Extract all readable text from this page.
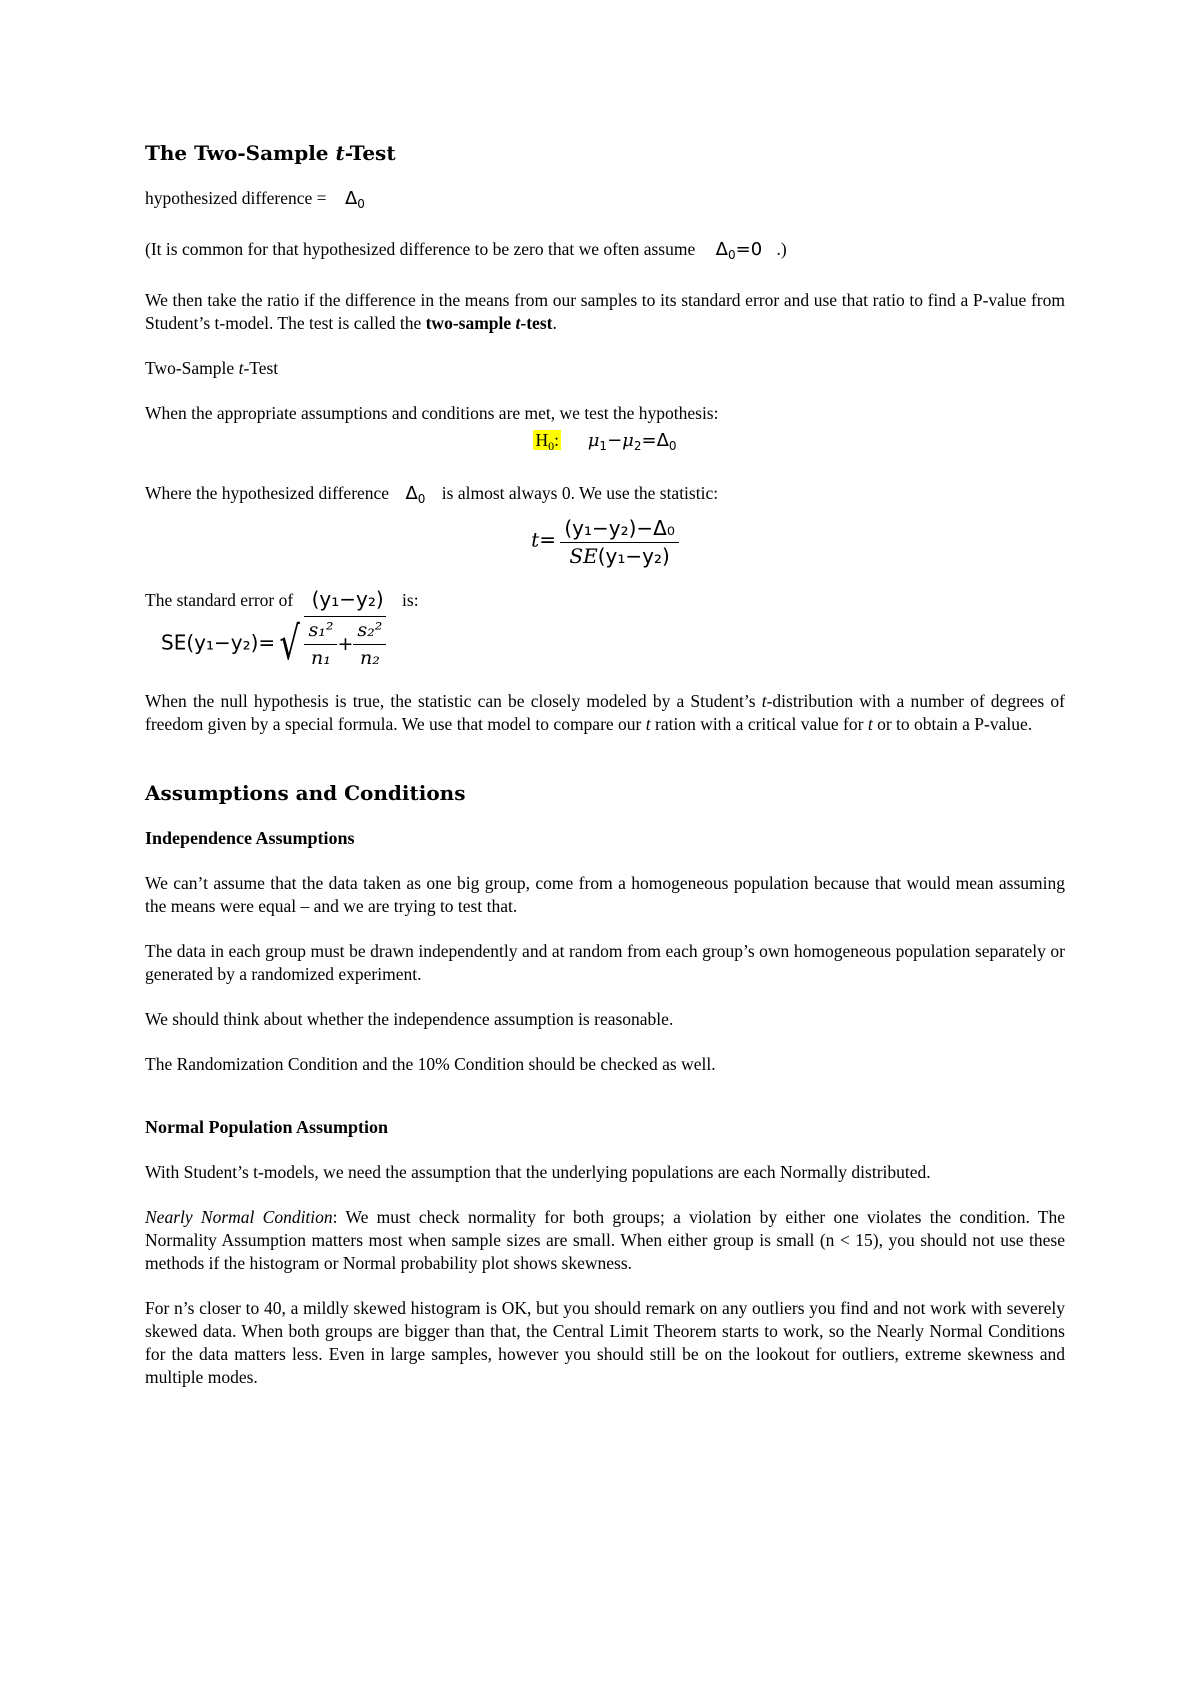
The Two-Sample t-Test

hypothesized difference = $\Delta_0$

(It is common for that hypothesized difference to be zero that we often assume $\Delta_0=0$ .)

We then take the ratio if the difference in the means from our samples to its standard error and use that ratio to find a P-value from Student’s t-model. The test is called the two-sample t-test.

Two-Sample t-Test

When the appropriate assumptions and conditions are met, we test the hypothesis:
$H_0$: $\mu_1-\mu_2=\Delta_0$
Where the hypothesized difference $\Delta_0$ is almost always 0. We use the statistic:
$t= \frac{\text{(y₁−y₂)−Δ₀}}{\text{SE(y₁−y₂)}}$
The standard error of (y₁−y₂) is:
SE(y₁−y₂)= √ $\frac{\text{s₁²}}{\text{n₁}} + \frac{\text{s₂²}}{\text{n₂}}$

When the null hypothesis is true, the statistic can be closely modeled by a Student’s t-distribution with a number of degrees of freedom given by a special formula. We use that model to compare our t ration with a critical value for t or to obtain a P-value.

Assumptions and Conditions
Independence Assumptions

We can’t assume that the data taken as one big group, come from a homogeneous population because that would mean assuming the means were equal – and we are trying to test that.

The data in each group must be drawn independently and at random from each group’s own homogeneous population separately or generated by a randomized experiment.

We should think about whether the independence assumption is reasonable.

The Randomization Condition and the 10% Condition should be checked as well.

Normal Population Assumption

With Student’s t-models, we need the assumption that the underlying populations are each Normally distributed.

Nearly Normal Condition: We must check normality for both groups; a violation by either one violates the condition. The Normality Assumption matters most when sample sizes are small. When either group is small (n < 15), you should not use these methods if the histogram or Normal probability plot shows skewness.

For n’s closer to 40, a mildly skewed histogram is OK, but you should remark on any outliers you find and not work with severely skewed data. When both groups are bigger than that, the Central Limit Theorem starts to work, so the Nearly Normal Conditions for the data matters less. Even in large samples, however you should still be on the lookout for outliers, extreme skewness and multiple modes.
